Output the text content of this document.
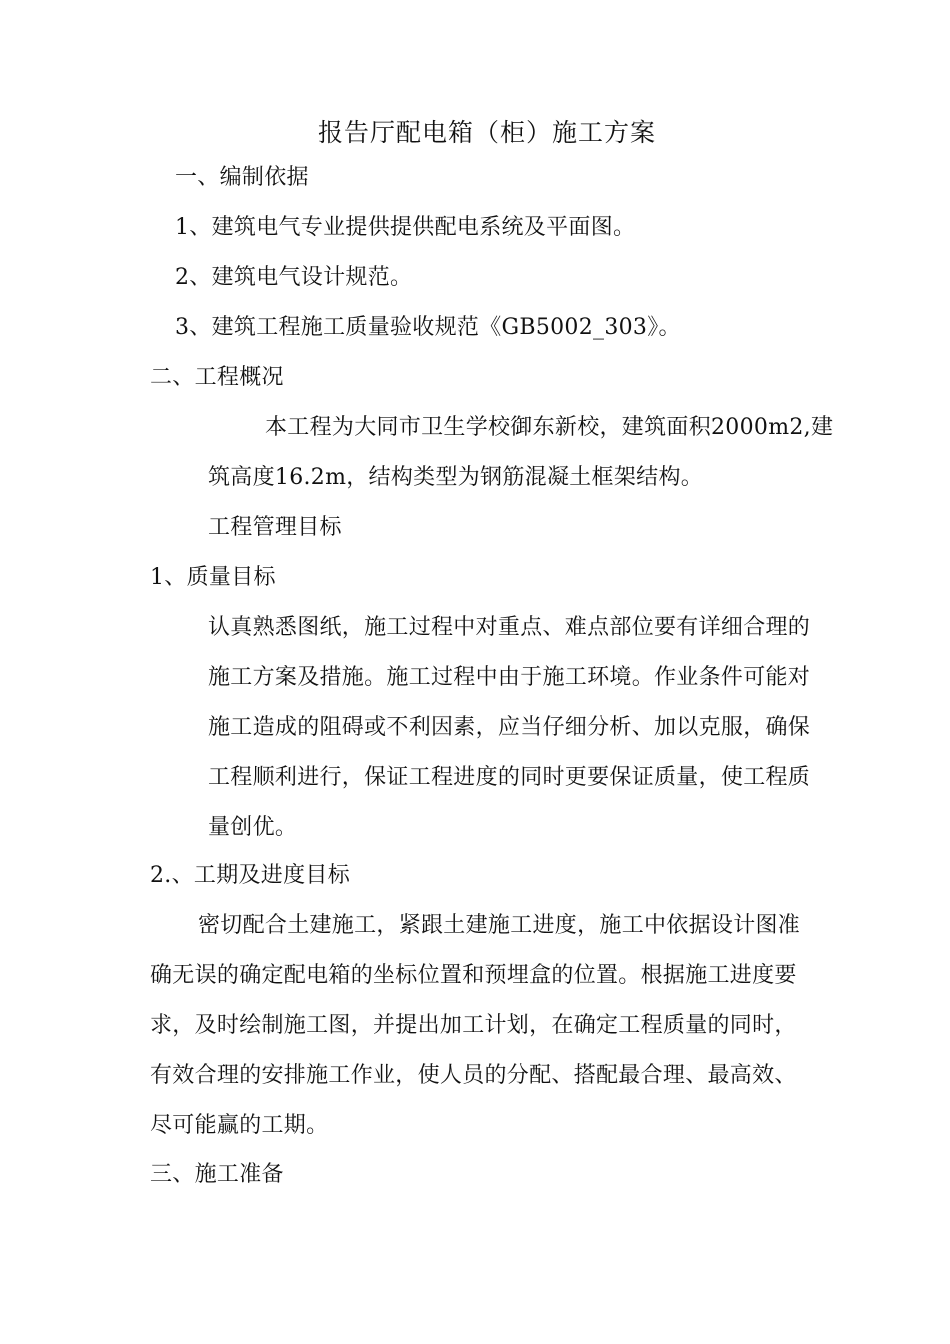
报告厅配电箱（柜）施工方案
一、编制依据
1、建筑电气专业提供提供配电系统及平面图。
2、建筑电气设计规范。
3、建筑工程施工质量验收规范《GB5002_303》。
二、工程概况
本工程为大同市卫生学校御东新校，建筑面积2000m2,建
筑高度16.2m，结构类型为钢筋混凝土框架结构。
工程管理目标
1、质量目标
认真熟悉图纸，施工过程中对重点、难点部位要有详细合理的
施工方案及措施。施工过程中由于施工环境。作业条件可能对
施工造成的阻碍或不利因素，应当仔细分析、加以克服，确保
工程顺利进行，保证工程进度的同时更要保证质量，使工程质
量创优。
2.、工期及进度目标
密切配合土建施工，紧跟土建施工进度，施工中依据设计图准
确无误的确定配电箱的坐标位置和预埋盒的位置。根据施工进度要
求，及时绘制施工图，并提出加工计划，在确定工程质量的同时，
有效合理的安排施工作业，使人员的分配、搭配最合理、最高效、
尽可能赢的工期。
三、施工准备
